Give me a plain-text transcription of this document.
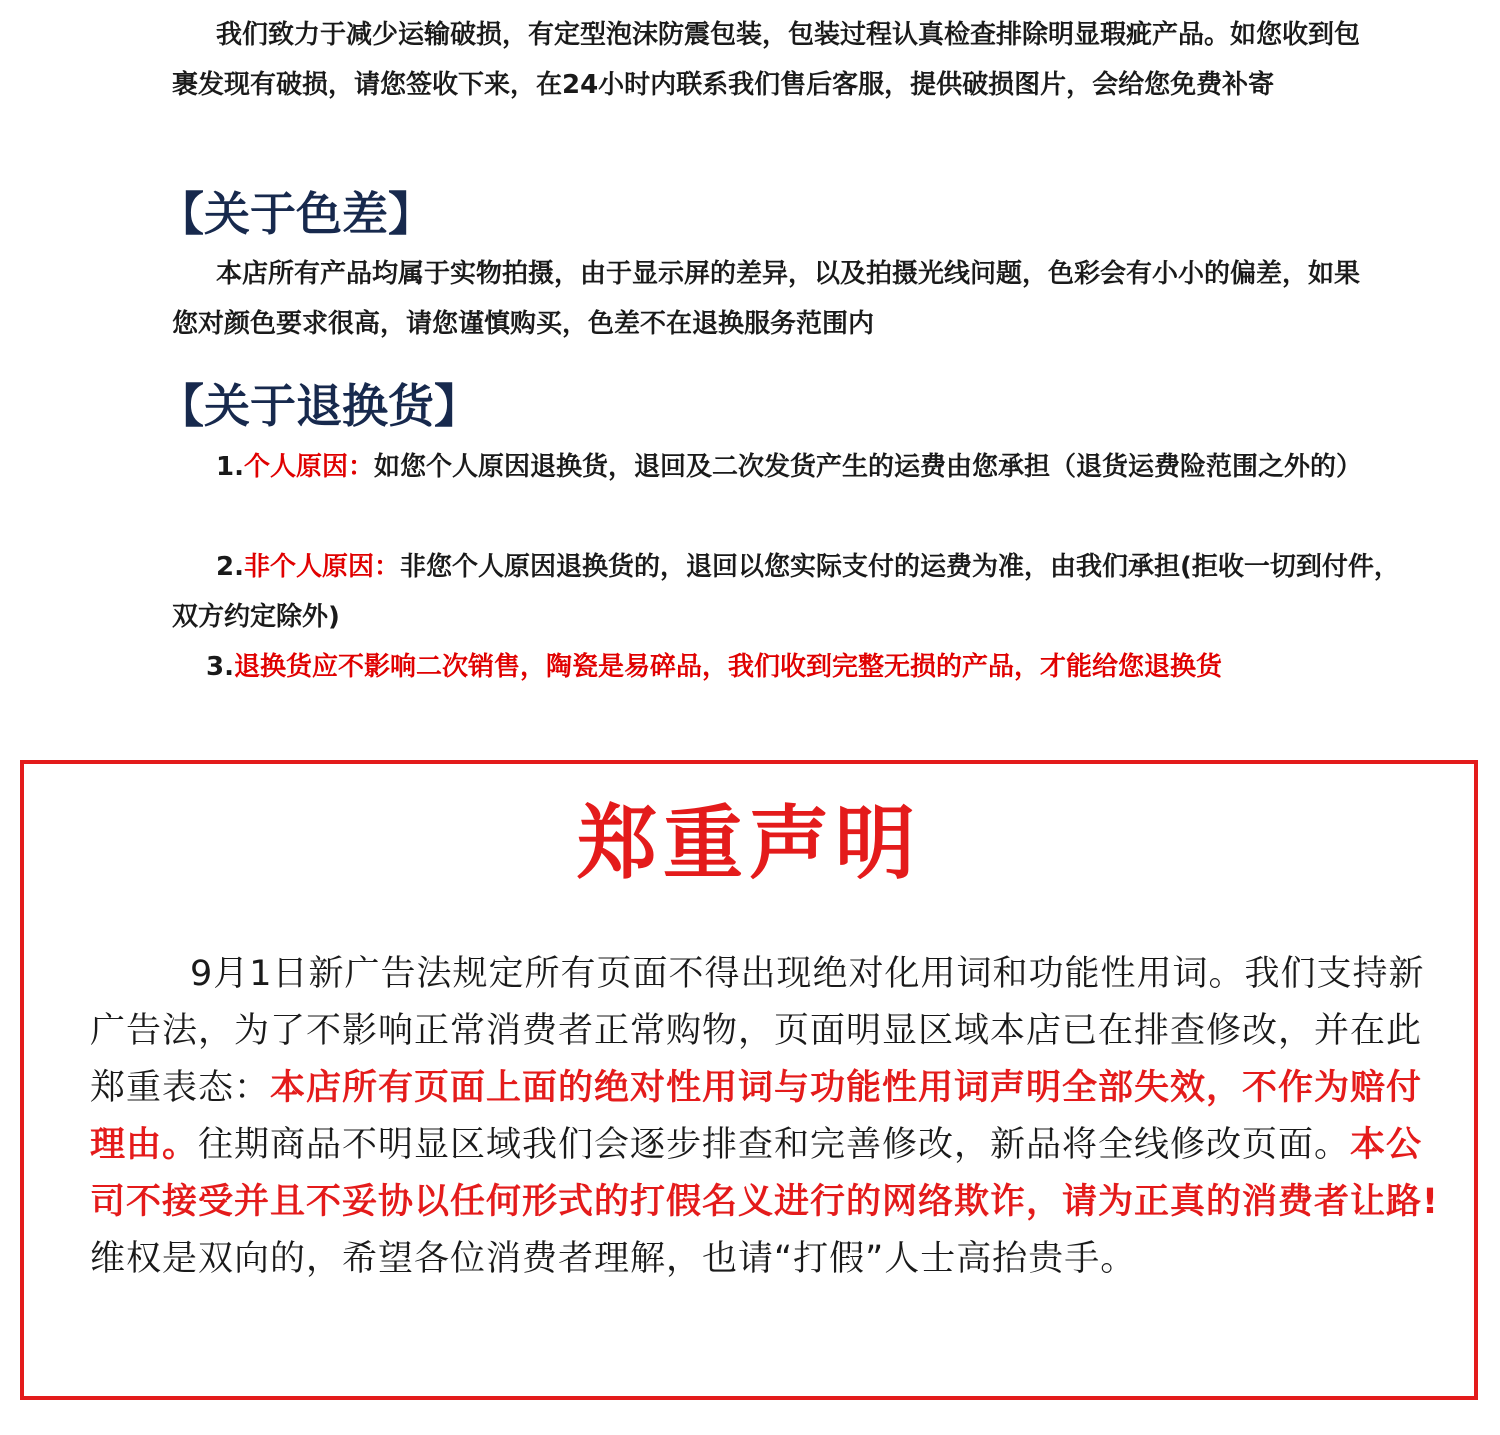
我们致力于减少运输破损，有定型泡沫防震包装，包装过程认真检查排除明显瑕疵产品。如您收到包裹发现有破损，请您签收下来，在24小时内联系我们售后客服，提供破损图片，会给您免费补寄

【关于色差】

本店所有产品均属于实物拍摄，由于显示屏的差异，以及拍摄光线问题，色彩会有小小的偏差，如果您对颜色要求很高，请您谨慎购买，色差不在退换服务范围内

【关于退换货】

1.个人原因：如您个人原因退换货，退回及二次发货产生的运费由您承担（退货运费险范围之外的）

2.非个人原因：非您个人原因退换货的，退回以您实际支付的运费为准，由我们承担(拒收一切到付件，双方约定除外)

3.退换货应不影响二次销售，陶瓷是易碎品，我们收到完整无损的产品，才能给您退换货

郑重声明

9月1日新广告法规定所有页面不得出现绝对化用词和功能性用词。我们支持新广告法，为了不影响正常消费者正常购物，页面明显区域本店已在排查修改，并在此郑重表态：本店所有页面上面的绝对性用词与功能性用词声明全部失效，不作为赔付理由。往期商品不明显区域我们会逐步排查和完善修改，新品将全线修改页面。本公司不接受并且不妥协以任何形式的打假名义进行的网络欺诈，请为正真的消费者让路!维权是双向的，希望各位消费者理解，也请“打假”人士高抬贵手。
